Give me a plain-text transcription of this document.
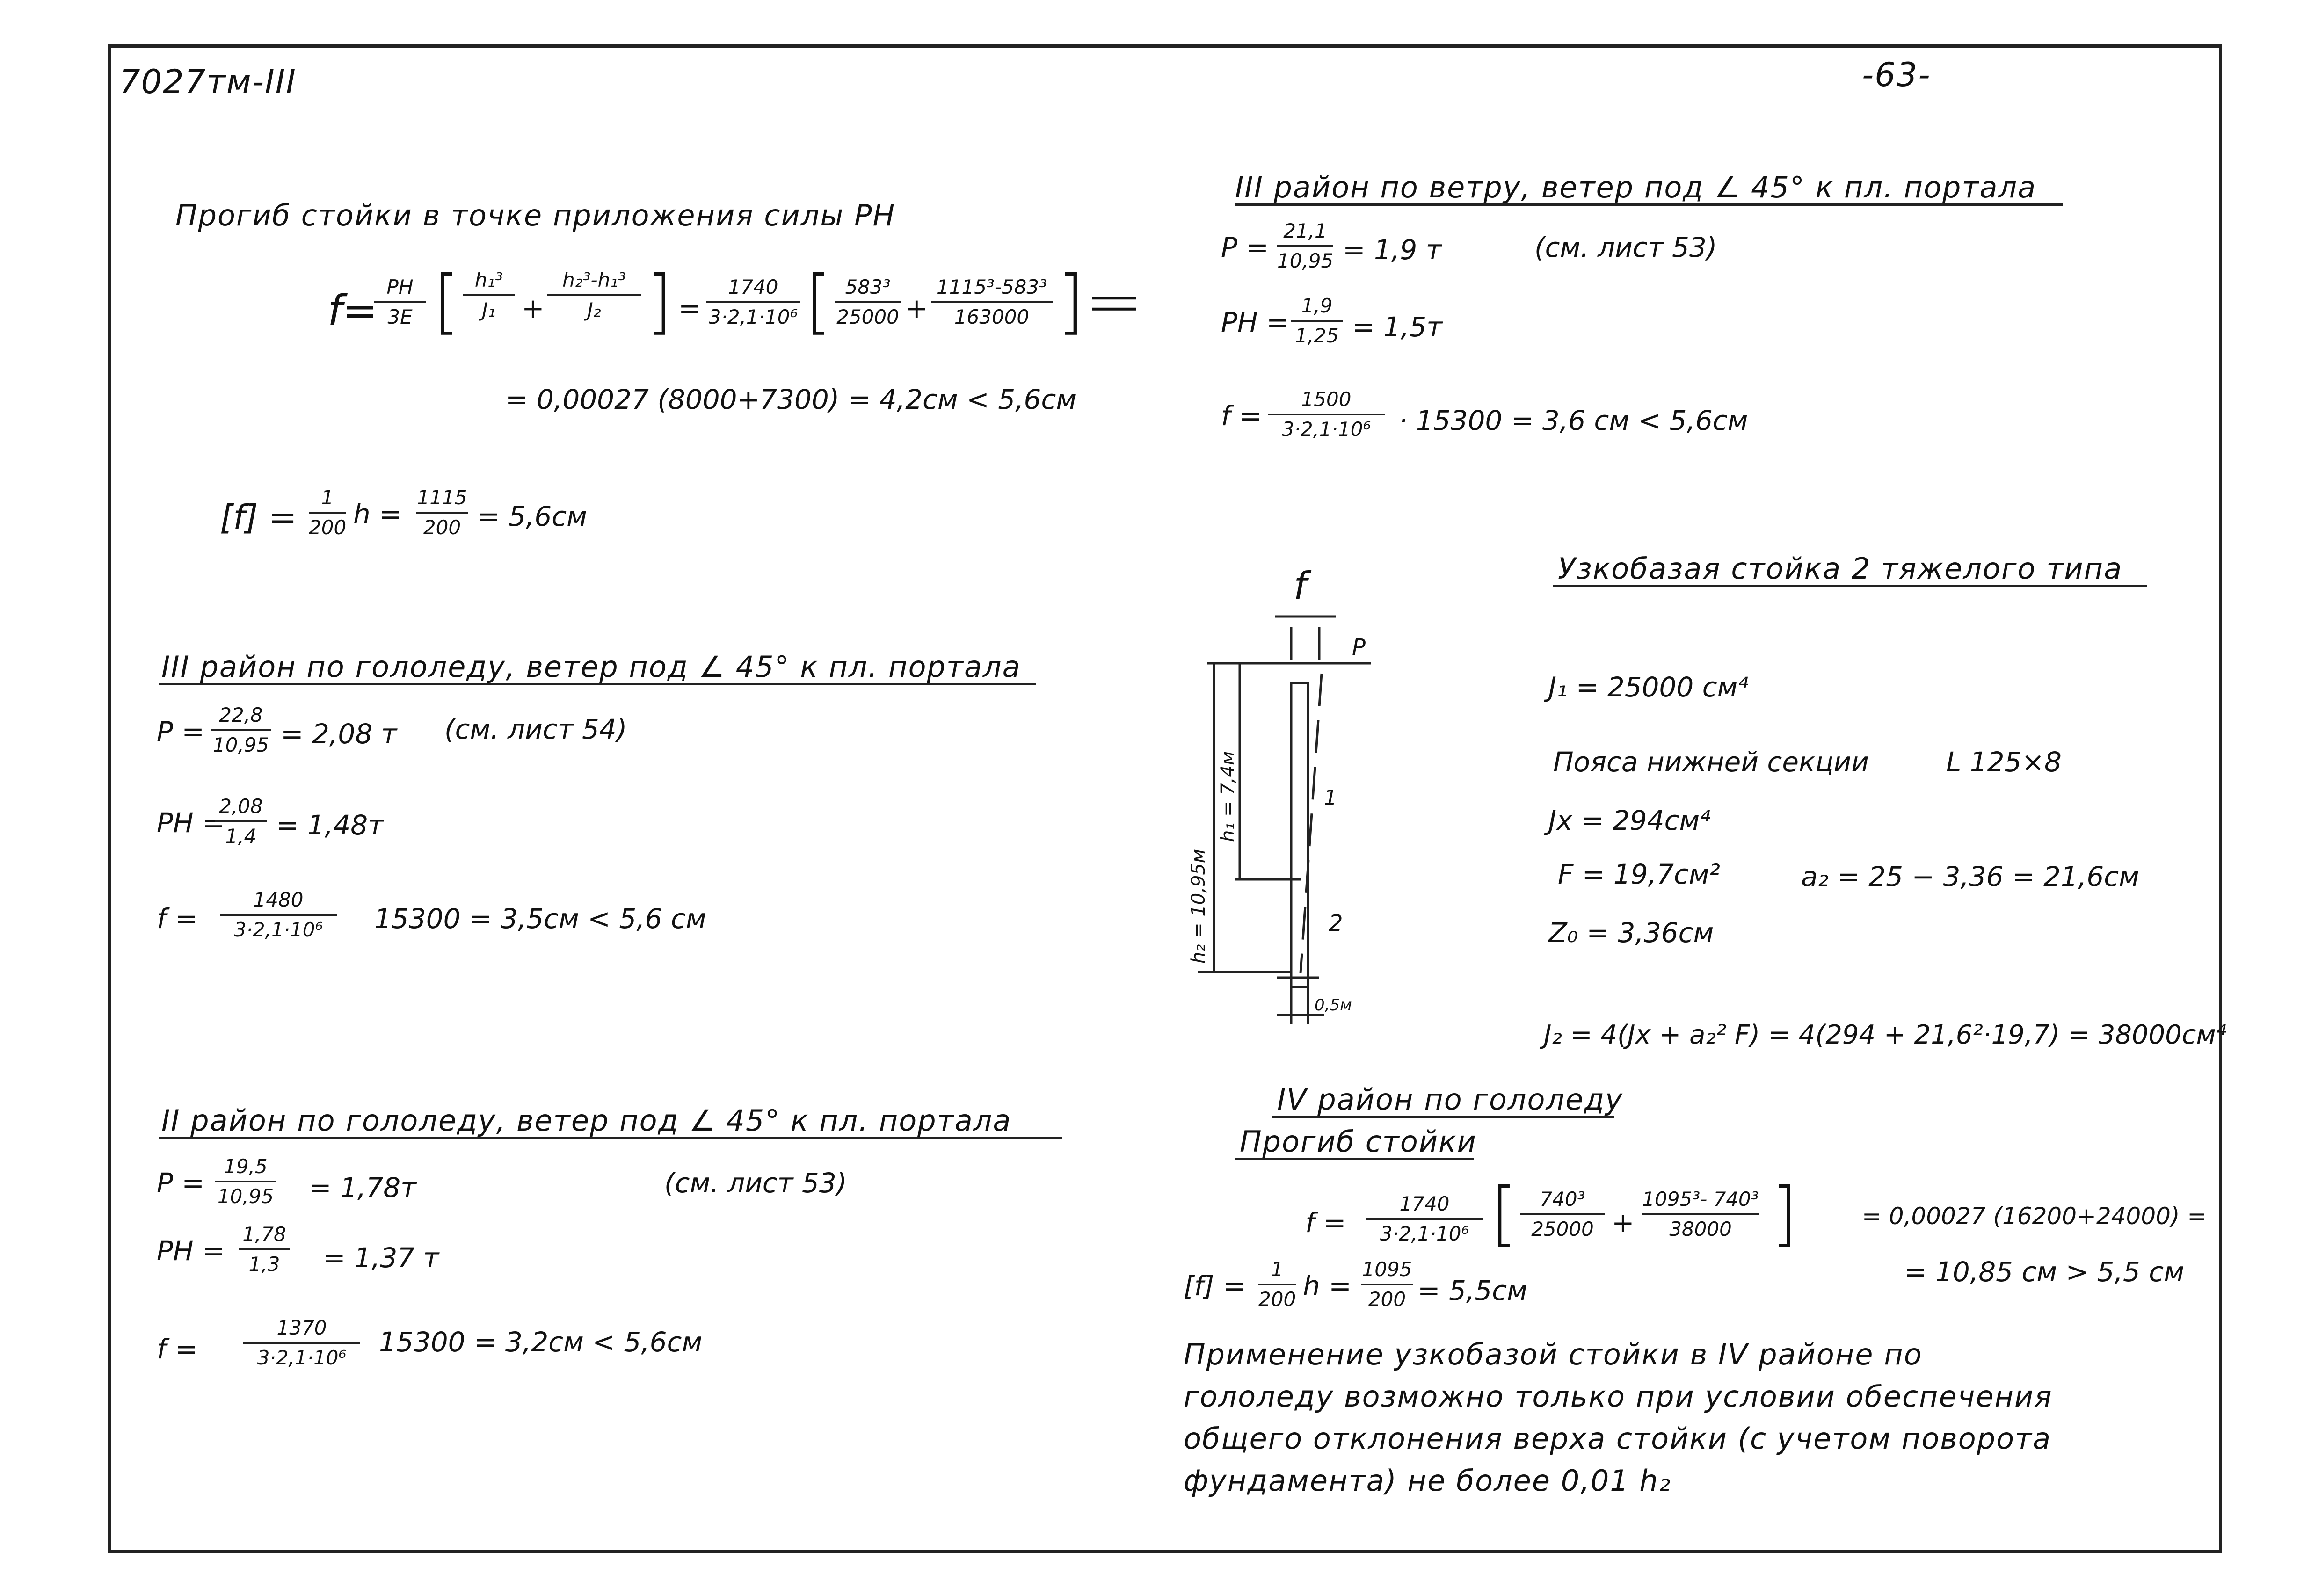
7027тм-III	-63-
Прогиб стойки в точке приложения силы PН
f= PН
3E [ $\frac{\text{h₁³}}{\text{J₁}} + \frac{\text{h₂³-h₁³}}{\text{J₂}}$ ] = $\frac{1740}{\text{3·2,1·10⁶}}$ [ $\frac{\text{583³}}{25000} + \frac{\text{1115³-583³}}{163000}$ ]=
= 0,00027 (8000+7300) = 4,2см < 5,6см
$[f] = \frac{1}{200}$ $h = \frac{1115}{200} = 5,6см$
III район по гололеду, ветер под ∠ 45° к пл. портала
$P = \frac{22,8}{10,95} = 2,08$ т (см. лист 54)
PН =
$\frac{2,08}{1,4} = 1,48т$
$f = \frac{1480}{\text{3·2,1·10⁶}} 15300 = 3,5см < 5,6$ см
II район по гололеду, ветер под ∠ 45° к пл. портала
$P = \frac{19,5}{10,95} = 1,78т$	(см. лист 53)
PН = $\frac{1,78}{1,3} = 1,37$ т
$f = \frac{1370}{\text{3·2,1·10⁶}} 15300 = 3,2см < 5,6см$
III район по ветру, ветер под ∠ 45° к пл. портала
$P = \frac{21,1}{10,95} = 1,9$ т	(см. лист 53)
PН = $\frac{1,9}{1,25} = 1,5т$
$f = \frac{1500}{\text{3·2,1·10⁶}} \cdot 15300 = 3,6$ см < 5,6см
Узкобазая стойка 2 тяжелого типа
J₁ = 25000 см⁴
Пояса нижней секции	L 125×8
Jx = 294см⁴
F = 19,7см²	a₂ = 25 − 3,36 = 21,6см
Z₀ = 3,36см
J₂ = 4(Jx + a₂² F) = 4(294 + 21,6²·19,7) = 38000см⁴
IV район по гололеду
Прогиб стойки
$f = \frac{1740}{\text{3·2,1·10⁶}}$ [ $\frac{\text{740³}}{25000} + \frac{\text{1095³- 740³}}{38000}$ ]	= 0,00027 (16200+24000) =
= 10,85 см > 5,5 см
$[f] = \frac{1}{200}$ $h = \frac{1095}{200} = 5,5см$
Применение узкобазой стойки в IV районе по
гололеду возможно только при условии обеспечения
общего отклонения верха стойки (с учетом поворота
фундамента) не более 0,01 h₂
f
P
h₂ = 10,95м
h₁ = 7,4м	1
2
0,5м
